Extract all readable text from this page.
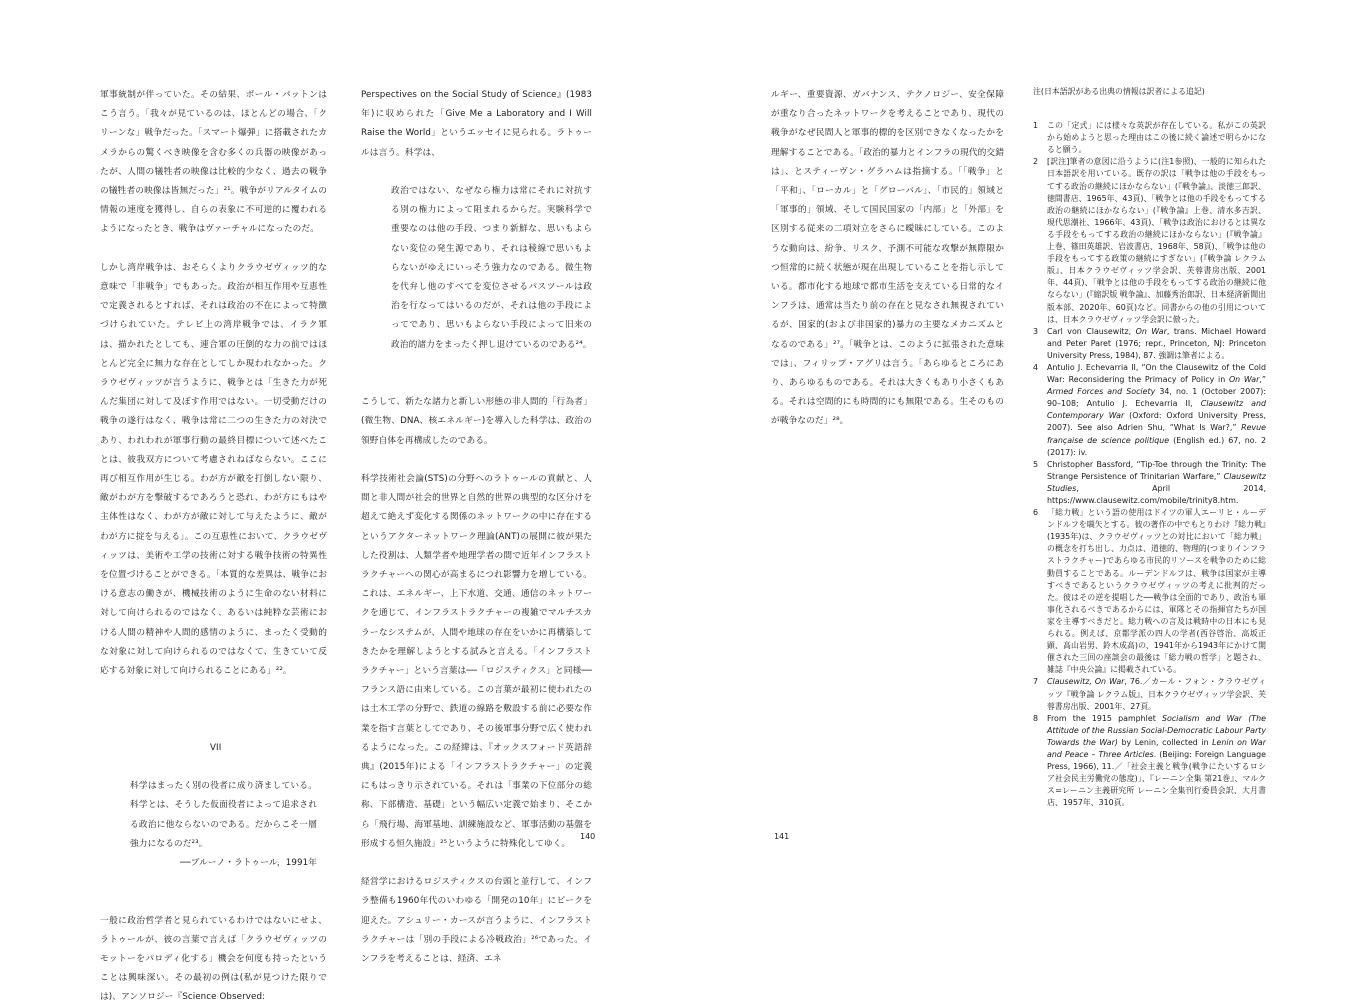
軍事統制が伴っていた。その結果、ボール・パットンはこう言う。「我々が見ているのは、ほとんどの場合、「クリーンな」戦争だった。「スマート爆弾」に搭載されたカメラからの驚くべき映像を含む多くの兵器の映像があったが、人間の犠牲者の映像は比較的少なく、過去の戦争の犠牲者の映像は皆無だった」²¹。戦争がリアルタイムの情報の速度を獲得し、自らの表象に不可逆的に覆われるようになったとき、戦争はヴァーチャルになったのだ。

しかし湾岸戦争は、おそらくよりクラウゼヴィッツ的な意味で「非戦争」でもあった。政治が相互作用や互恵性で定義されるとすれば、それは政治の不在によって特徴づけられていた。テレビ上の湾岸戦争では、イラク軍は、描かれたとしても、連合軍の圧倒的な力の前ではほとんど完全に無力な存在としてしか現われなかった。クラウゼヴィッツが言うように、戦争とは「生きた力が死んだ集団に対して及ぼす作用ではない。一切受動だけの戦争の遂行はなく、戦争は常に二つの生きた力の対決であり、われわれが軍事行動の最終目標について述べたことは、彼我双方について考慮されねばならない。ここに再び相互作用が生じる。わが方が敵を打倒しない限り、敵がわが方を撃破するであろうと恐れ、わが方にもはや主体性はなく、わが方が敵に対して与えたように、敵がわが方に掟を与える」。この互恵性において、クラウゼヴィッツは、美術や工学の技術に対する戦争技術の特異性を位置づけることができる。「本質的な差異は、戦争における意志の働きが、機械技術のように生命のない材料に対して向けられるのではなく、あるいは純粋な芸術における人間の精神や人間的感情のように、まったく受動的な対象に対して向けられるのではなくて、生きていて反応する対象に対して向けられることにある」²²。

VII

科学はまったく別の役者に成り済ましている。科学とは、そうした仮面役者によって追求される政治に他ならないのである。だからこそ一層強力になるのだ²³。
──ブルーノ・ラトゥール，1991年

一般に政治哲学者と見られているわけではないにせよ、ラトゥールが、彼の言葉で言えば「クラウゼヴィッツのモットーをパロディ化する」機会を何度も持ったということは興味深い。その最初の例は(私が見つけた限りでは)、アンソロジー『Science Observed:

Perspectives on the Social Study of Science』(1983年)に収められた「Give Me a Laboratory and I Will Raise the World」というエッセイに見られる。ラトゥールは言う。科学は、

政治ではない、なぜなら権力は常にそれに対抗する別の権力によって阻まれるからだ。実験科学で重要なのは他の手段、つまり新鮮な、思いもよらない変位の発生源であり、それは稜線で思いもよらないがゆえにいっそう強力なのである。微生物を代弁し他のすべてを変位させるパスツールは政治を行なってはいるのだが、それは他の手段によってであり、思いもよらない手段によって旧来の政治的諸力をまったく押し退けているのである²⁴。

こうして、新たな諸力と新しい形態の非人間的「行為者」(微生物、DNA、核エネルギー)を導入した科学は、政治の領野自体を再構成したのである。

科学技術社会論(STS)の分野へのラトゥールの貢献と、人間と非人間が社会的世界と自然的世界の典型的な区分けを超えて絶えず変化する関係のネットワークの中に存在するというアクターネットワーク理論(ANT)の展開に彼が果たした役割は、人類学者や地理学者の間で近年インフラストラクチャーへの関心が高まるにつれ影響力を増している。これは、エネルギー、上下水道、交通、通信のネットワークを通じて、インフラストラクチャーの複雑でマルチスカラーなシステムが、人間や地球の存在をいかに再構築してきたかを理解しようとする試みと言える。「インフラストラクチャー」という言葉は──「ロジスティクス」と同様──フランス語に由来している。この言葉が最初に使われたのは土木工学の分野で、鉄道の線路を敷設する前に必要な作業を指す言葉としてであり、その後軍事分野で広く使われるようになった。この経緯は、『オックスフォード英語辞典』(2015年)による「インフラストラクチャー」の定義にもはっきり示されている。それは「事業の下位部分の総称、下部構造、基礎」という幅広い定義で始まり、そこから「飛行場、海軍基地、訓練施設など、軍事活動の基盤を形成する恒久施設」²⁵というように特殊化してゆく。

経営学におけるロジスティクスの台頭と並行して、インフラ整備も1960年代のいわゆる「開発の10年」にピークを迎えた。アシュリー・カースが言うように、インフラストラクチャーは「別の手段による冷戦政治」²⁶であった。インフラを考えることは、経済、エネ

140

ルギー、重要資源、ガバナンス、テクノロジー、安全保障が重なり合ったネットワークを考えることであり、現代の戦争がなぜ民間人と軍事的標的を区別できなくなったかを理解することである。「政治的暴力とインフラの現代的交錯は」、とスティーヴン・グラハムは指摘する。「「戦争」と「平和」、「ローカル」と「グローバル」、「市民的」領域と「軍事的」領域、そして国民国家の「内部」と「外部」を区別する従来の二項対立をさらに曖昧にしている。このような動向は、紛争、リスク、予測不可能な攻撃が無際限かつ恒常的に続く状態が現在出現していることを指し示している。都市化する地球で都市生活を支えている日常的なインフラは、通常は当たり前の存在と見なされ無視されているが、国家的(および非国家的)暴力の主要なメカニズムとなるのである」²⁷。「戦争とは、このように拡張された意味では」、フィリップ・アグリは言う。「あらゆるところにあり、あらゆるものである。それは大きくもあり小さくもある。それは空間的にも時間的にも無限である。生そのものが戦争なのだ」²⁸。

注(日本語訳がある出典の情報は訳者による追記)
1	この「定式」には様々な英訳が存在している。私がこの英訳から始めようと思った理由はこの後に続く論述で明らかになると願う。
2	[訳注]筆者の意図に沿うように(注1参照)、一般的に知られた日本語訳を用いている。既存の訳は「戦争は他の手段をもってする政治の継続にほかならない」(『戦争論』、淡徳三郎訳、徳間書店、1965年、43頁)、「戦争とは他の手段をもってする政治の継続にほかならない」(『戦争論』上巻、清水多吉訳、現代思潮社、1966年、43頁)、「戦争は政治におけるとは異なる手段をもってする政治の継続にほかならない」(『戦争論』上巻、篠田英雄訳、岩波書店、1968年、58頁)、「戦争は他の手段をもってする政策の継続にすぎない」(『戦争論 レクラム版』、日本クラウゼヴィッツ学会訳、芙蓉書房出版、2001年、44頁)、「戦争とは他の手段をもってする政治の継続に他ならない」(『縮訳版 戦争論』、加藤秀治郎訳、日本経済新聞出版本部、2020年、60頁)など。同書からの他の引用については、日本クラウゼヴィッツ学会訳に倣った。
3	Carl von Clausewitz, On War, trans. Michael Howard and Peter Paret (1976; repr., Princeton, NJ: Princeton University Press, 1984), 87. 強調は筆者による。
4	Antulio J. Echevarria II, “On the Clausewitz of the Cold War: Reconsidering the Primacy of Policy in On War,” Armed Forces and Society 34, no. 1 (October 2007): 90–108; Antulio J. Echevarria II, Clausewitz and Contemporary War (Oxford: Oxford University Press, 2007). See also Adrien Shu, “What Is War?,” Revue française de science politique (English ed.) 67, no. 2 (2017): iv.
5	Christopher Bassford, “Tip-Toe through the Trinity: The Strange Persistence of Trinitarian Warfare,” Clausewitz Studies, April 2014, https://www.clausewitz.com/mobile/trinity8.htm.
6	「総力戦」という語の使用はドイツの軍人エーリヒ・ルーデンドルフを嚆矢とする。彼の著作の中でもとりわけ『総力戦』(1935年)は、クラウゼヴィッツとの対比において「総力戦」の概念を打ち出し、力点は、道徳的、物理的(つまりインフラストラクチャー)であらゆる市民的リソースを戦争のために総動員することである。ルーデンドルフは、戦争は国家が主導すべきであるというクラウゼヴィッツの考えに批判的だった。彼はその逆を提唱した──戦争は全面的であり、政治も軍事化されるべきであるからには、軍隊とその指揮官たちが国家を主導すべきだと。総力戦への言及は戦時中の日本にも見られる。例えば、京都学派の四人の学者(西谷啓治、高坂正顕、高山岩男、鈴木成高)の、1941年から1943年にかけて開催された三回の座談会の最後は「総力戦の哲学」と題され、雑誌『中央公論』に掲載されている。
7	Clausewitz, On War, 76.／カール・フォン・クラウゼヴィッツ『戦争論 レクラム版』、日本クラウゼヴィッツ学会訳、芙蓉書房出版、2001年、27頁。
8	From the 1915 pamphlet Socialism and War (The Attitude of the Russian Social-Democratic Labour Party Towards the War) by Lenin, collected in Lenin on War and Peace – Three Articles. (Beijing: Foreign Language Press, 1966), 11.／「社会主義と戦争(戦争にたいするロシア社会民主労働党の態度)」、『レーニン全集 第21巻』、マルクス=レーニン主義研究所 レーニン全集刊行委員会訳、大月書店、1957年、310頁。
141
